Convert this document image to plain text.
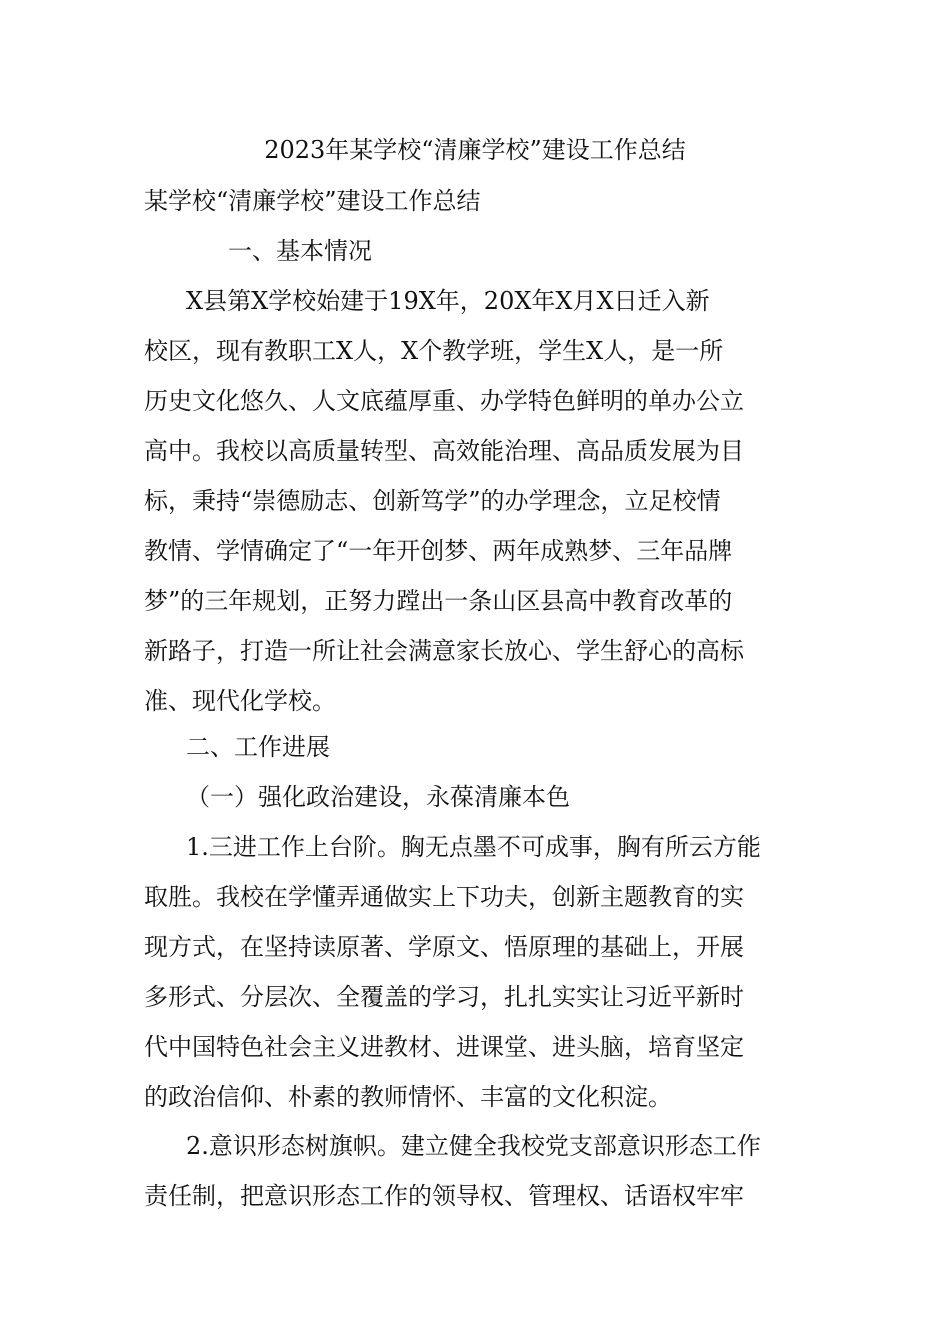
2023年某学校“清廉学校”建设工作总结
某学校“清廉学校”建设工作总结
一、基本情况
X县第X学校始建于19X年，20X年X月X日迁入新
校区，现有教职工X人，X个教学班，学生X人，是一所
历史文化悠久、人文底蕴厚重、办学特色鲜明的单办公立
高中。我校以高质量转型、高效能治理、高品质发展为目
标，秉持“崇德励志、创新笃学”的办学理念，立足校情
教情、学情确定了“一年开创梦、两年成熟梦、三年品牌
梦”的三年规划，正努力蹚出一条山区县高中教育改革的
新路子，打造一所让社会满意家长放心、学生舒心的高标
准、现代化学校。
二、工作进展
（一）强化政治建设，永葆清廉本色
1.三进工作上台阶。胸无点墨不可成事，胸有所云方能
取胜。我校在学懂弄通做实上下功夫，创新主题教育的实
现方式，在坚持读原著、学原文、悟原理的基础上，开展
多形式、分层次、全覆盖的学习，扎扎实实让习近平新时
代中国特色社会主义进教材、进课堂、进头脑，培育坚定
的政治信仰、朴素的教师情怀、丰富的文化积淀。
2.意识形态树旗帜。建立健全我校党支部意识形态工作
责任制，把意识形态工作的领导权、管理权、话语权牢牢
